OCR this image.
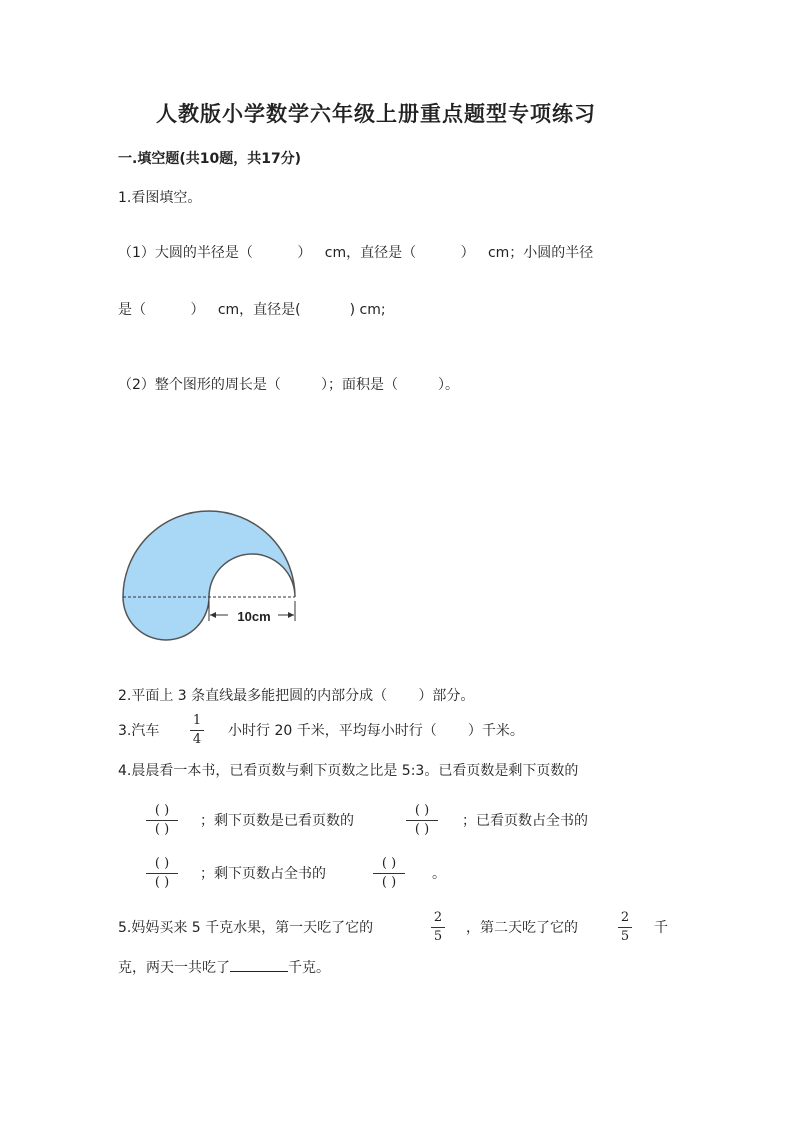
人教版小学数学六年级上册重点题型专项练习
一.填空题(共10题，共17分)
1.看图填空。
（1）大圆的半径是（          ）   cm，直径是（          ）   cm；小圆的半径
是（          ）   cm，直径是(           ) cm;
（2）整个图形的周长是（         ）；面积是（         ）。
10cm
2.平面上 3 条直线最多能把圆的内部分成（       ）部分。
3.汽车
1
4
小时行 20 千米，平均每小时行（       ）千米。
4.晨晨看一本书，已看页数与剩下页数之比是 5:3。已看页数是剩下页数的
( )
( )
；剩下页数是已看页数的
( )
( )
；已看页数占全书的
( )
( )
；剩下页数占全书的
( )
( )
。
5.妈妈买来 5 千克水果，第一天吃了它的
2
5
，第二天吃了它的
2
5
千
克，两天一共吃了	千克。
